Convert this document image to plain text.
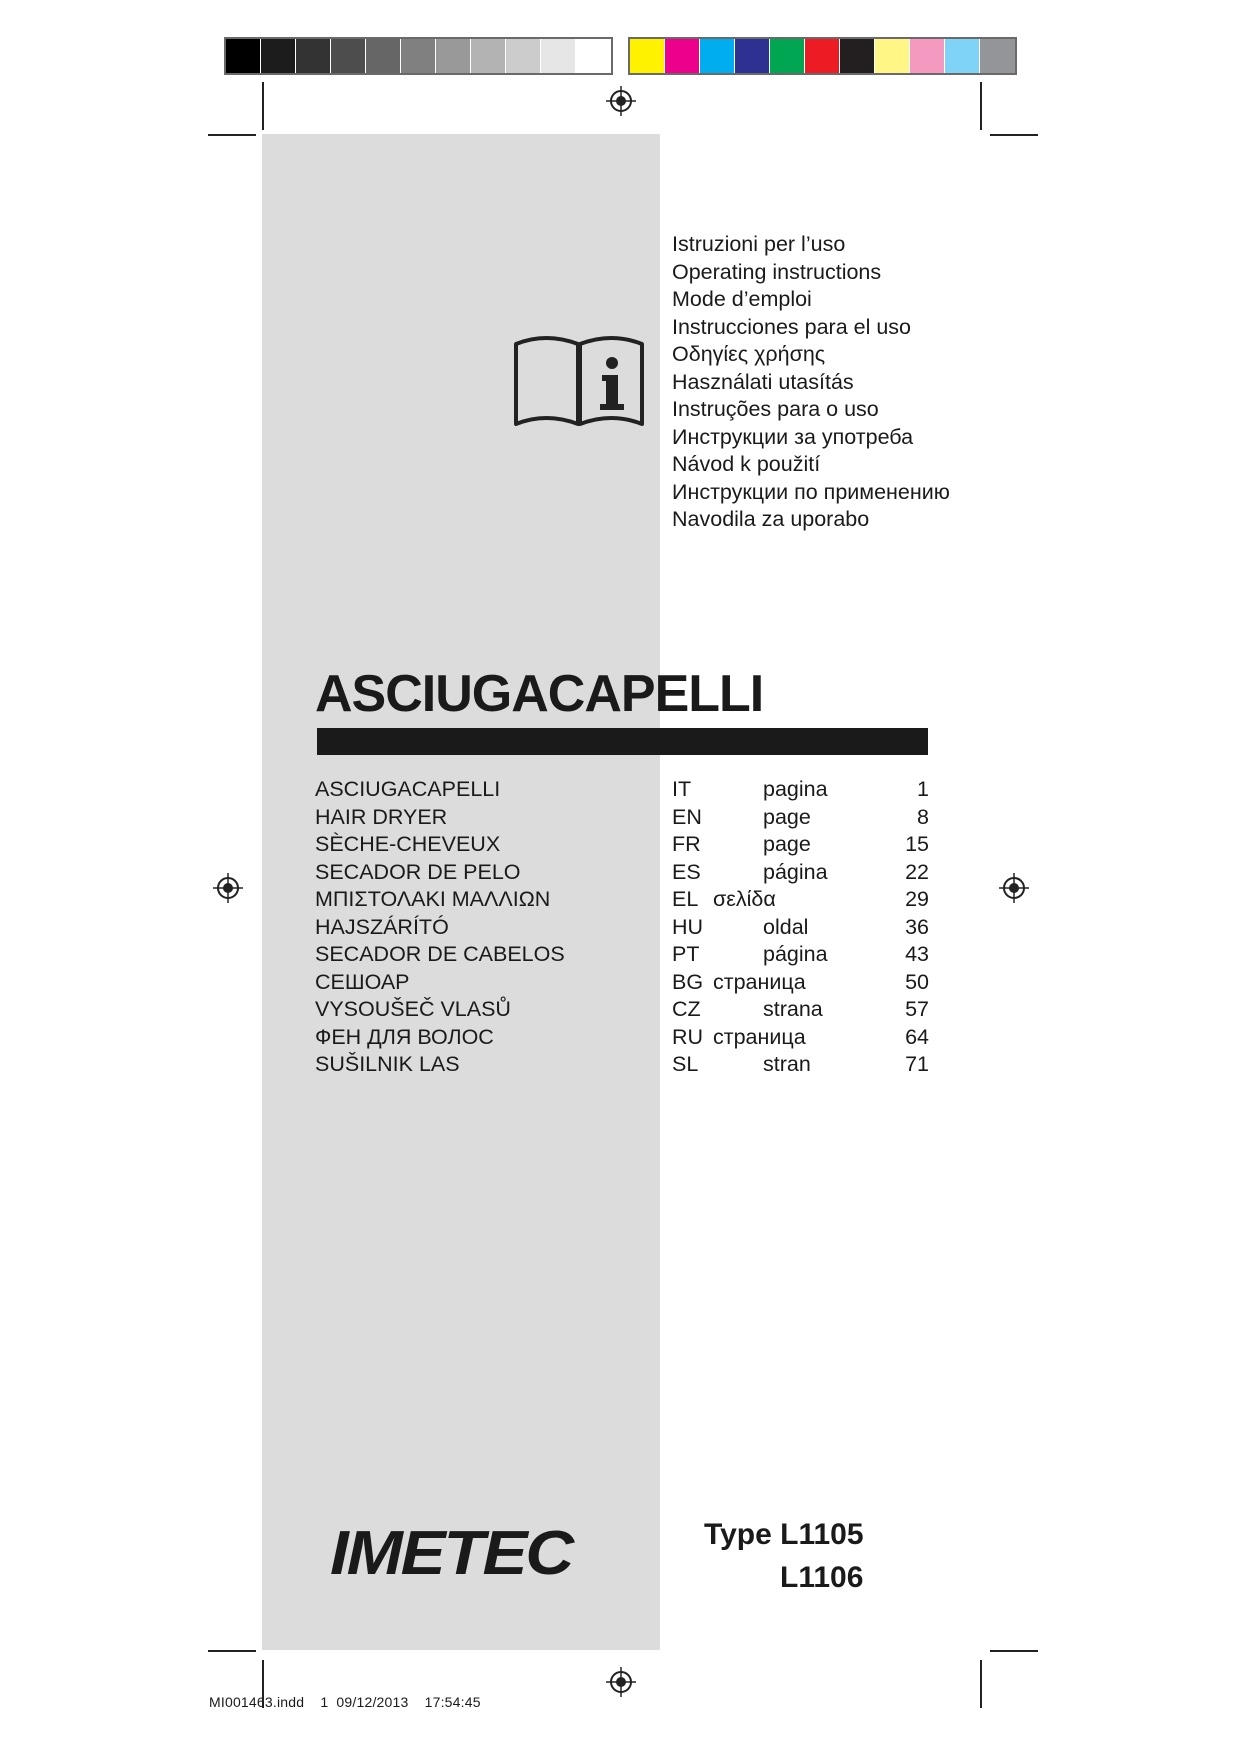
Istruzioni per l’uso
Operating instructions
Mode d’emploi
Instrucciones para el uso
Οδηγίες χρήσης
Használati utasítás
Instruções para o uso
Инструкции за употреба
Návod k použití
Инструкции по применению
Navodila za uporabo
ASCIUGACAPELLI
ASCIUGACAPELLI	IT	pagina	1
HAIR DRYER	EN	page	8
SÈCHE-CHEVEUX	FR	page	15
SECADOR DE PELO	ES	página	22
ΜΠΙΣΤΟΛΑΚΙ ΜΑΛΛΙΩΝ	EL σελίδα	29
HAJSZÁRÍTÓ	HU	oldal	36
SECADOR DE CABELOS	PT	página	43
СЕШОАР	BG страница	50
VYSOUŠEČ VLASŮ	CZ	strana	57
ФЕН ДЛЯ ВОЛОС	RU страница	64
SUŠILNIK LAS	SL	stran	71
IMETEC	Type L1105
L1106
MI001463.indd 1 09/12/2013 17:54:45
